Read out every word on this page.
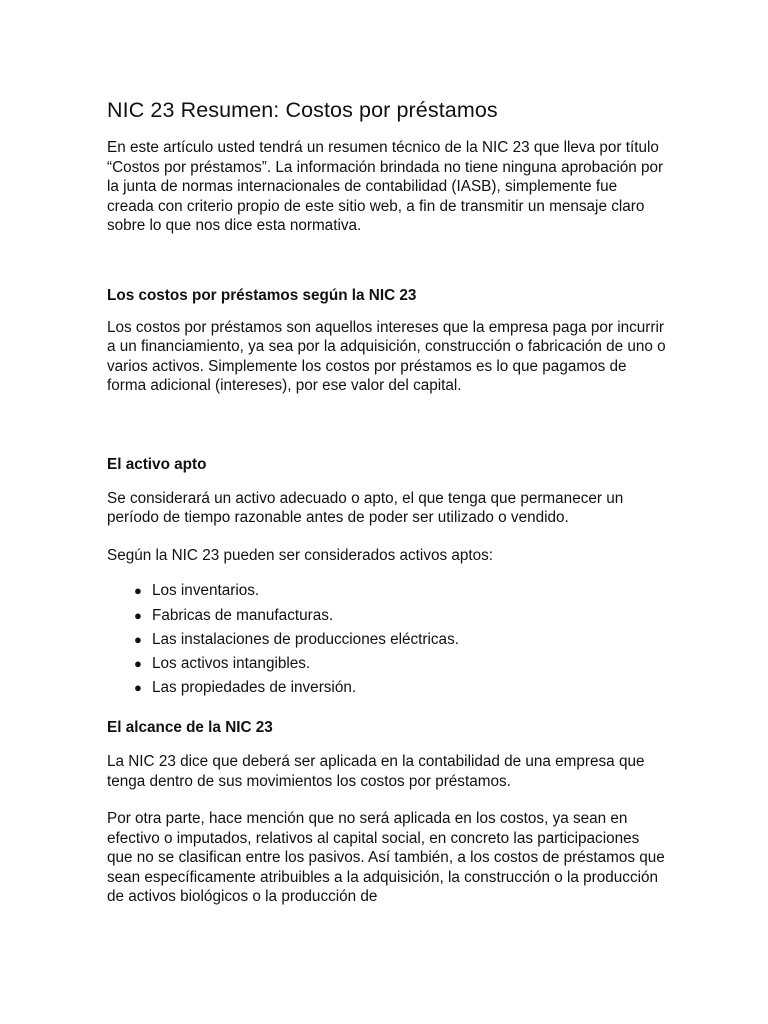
NIC 23 Resumen: Costos por préstamos

En este artículo usted tendrá un resumen técnico de la NIC 23 que lleva por título “Costos por préstamos”. La información brindada no tiene ninguna aprobación por la junta de normas internacionales de contabilidad (IASB), simplemente fue creada con criterio propio de este sitio web, a fin de transmitir un mensaje claro sobre lo que nos dice esta normativa.

Los costos por préstamos según la NIC 23

Los costos por préstamos son aquellos intereses que la empresa paga por incurrir a un financiamiento, ya sea por la adquisición, construcción o fabricación de uno o varios activos. Simplemente los costos por préstamos es lo que pagamos de forma adicional (intereses), por ese valor del capital.

El activo apto

Se considerará un activo adecuado o apto, el que tenga que permanecer un período de tiempo razonable antes de poder ser utilizado o vendido.

Según la NIC 23 pueden ser considerados activos aptos:

● Los inventarios.
● Fabricas de manufacturas.
● Las instalaciones de producciones eléctricas.
● Los activos intangibles.
● Las propiedades de inversión.
El alcance de la NIC 23

La NIC 23 dice que deberá ser aplicada en la contabilidad de una empresa que tenga dentro de sus movimientos los costos por préstamos.

Por otra parte, hace mención que no será aplicada en los costos, ya sean en efectivo o imputados, relativos al capital social, en concreto las participaciones que no se clasifican entre los pasivos. Así también, a los costos de préstamos que sean específicamente atribuibles a la adquisición, la construcción o la producción de activos biológicos o la producción de
